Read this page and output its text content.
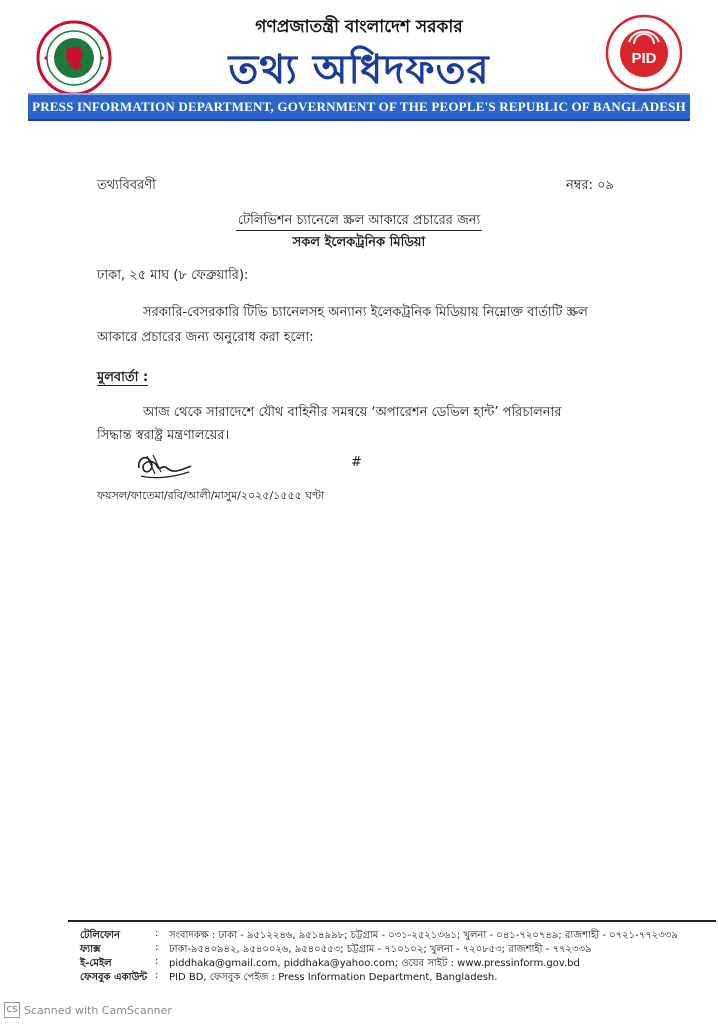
PID
গণপ্রজাতন্ত্রী বাংলাদেশ সরকার
তথ্য অধিদফতর
PRESS INFORMATION DEPARTMENT, GOVERNMENT OF THE PEOPLE'S REPUBLIC OF BANGLADESH
তথ্যবিবরণী	নম্বর: ০৯
টেলিভিশন চ্যানেলে স্ক্রল আকারে প্রচারের জন্য
সকল ইলেকট্রনিক মিডিয়া
ঢাকা, ২৫ মাঘ (৮ ফেব্রুয়ারি):
সরকারি-বেসরকারি টিভি চ্যানেলসহ অন্যান্য ইলেকট্রনিক মিডিয়ায় নিম্নোক্ত বার্তাটি স্ক্রল
আকারে প্রচারের জন্য অনুরোধ করা হলো:
মুলবার্তা :
আজ থেকে সারাদেশে যৌথ বাহিনীর সমন্বয়ে ‘অপারেশন ডেভিল হান্ট’ পরিচালনার
সিদ্ধান্ত স্বরাষ্ট্র মন্ত্রণালয়ের।
#
ফয়সল/ফাতেমা/রবি/আলী/মাসুম/২০২৫/১৫৫৫ ঘণ্টা
টেলিফোন	:	সংবাদকক্ষ : ঢাকা - ৯৫১২২৪৬, ৯৫১৪৯৯৮; চট্টগ্রাম - ০৩১-২৫২১৩৬১; খুলনা - ০৪১-৭২০৭৪৯; রাজশাহী - ০৭২১-৭৭২৩৩৯
ফ্যাক্স	:	ঢাকা-৯৫৪০৯৪২, ৯৫৪০০২৬, ৯৫৪০৫৫৩; চট্টগ্রাম - ৭১০১০২; খুলনা - ৭২০৮৫৩; রাজশাহী - ৭৭২৩৩৯
ই-মেইল	:	piddhaka@gmail.com, piddhaka@yahoo.com; ওয়েব সাইট : www.pressinform.gov.bd
ফেসবুক একাউন্ট :	PID BD, ফেসবুক পেইজ : Press Information Department, Bangladesh.
CS Scanned with CamScanner
